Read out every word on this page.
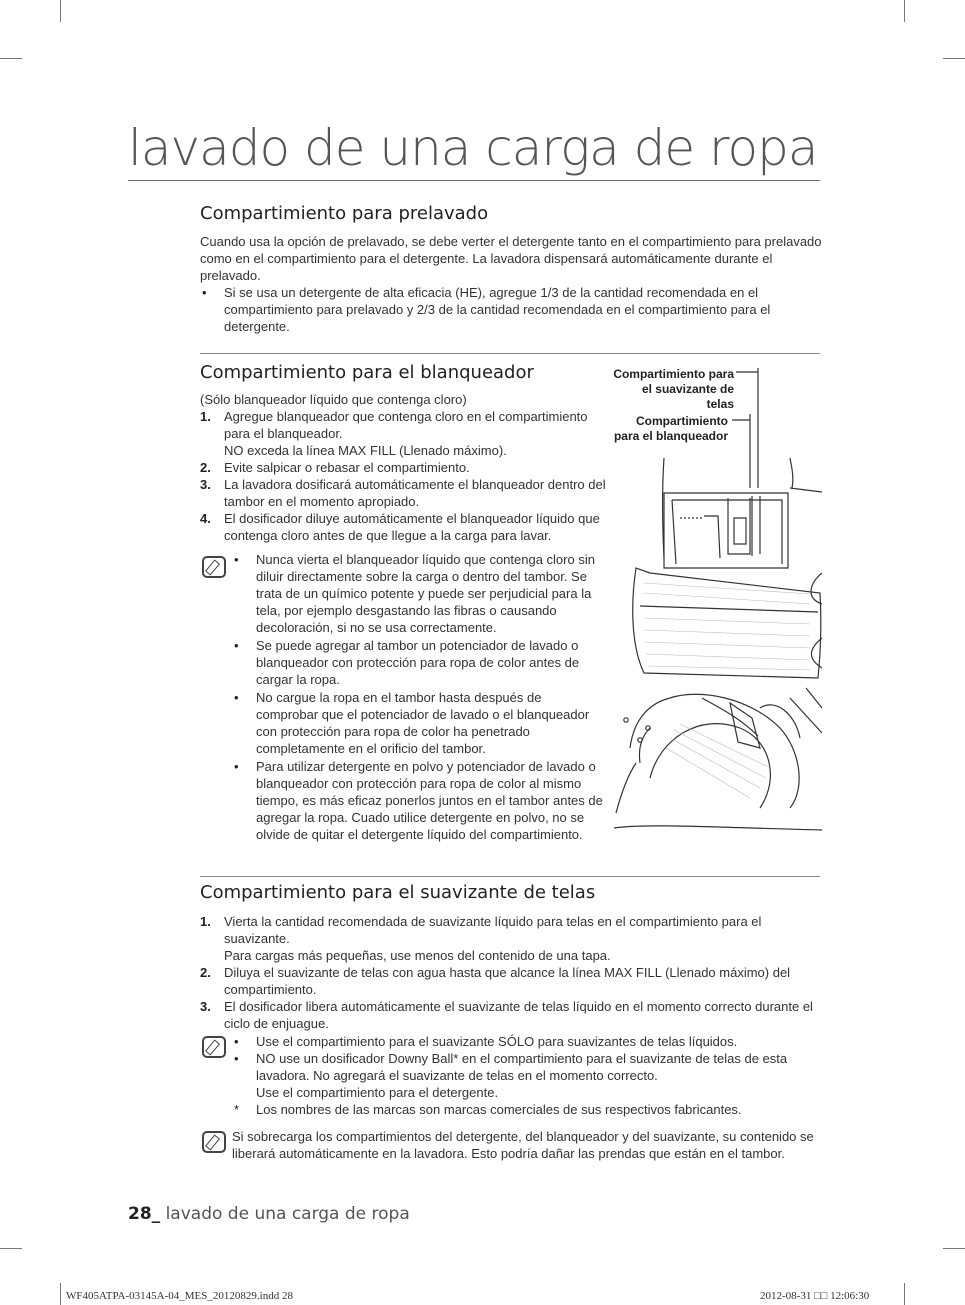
lavado de una carga de ropa
Compartimiento para prelavado

Cuando usa la opción de prelavado, se debe verter el detergente tanto en el compartimiento para prelavado como en el compartimiento para el detergente. La lavadora dispensará automáticamente durante el prelavado.

• Si se usa un detergente de alta eficacia (HE), agregue 1/3 de la cantidad recomendada en el compartimiento para prelavado y 2/3 de la cantidad recomendada en el compartimiento para el detergente.
Compartimiento para el blanqueador

(Sólo blanqueador líquido que contenga cloro)

1. Agregue blanqueador que contenga cloro en el compartimiento para el blanqueador.
NO exceda la línea MAX FILL (Llenado máximo).
2. Evite salpicar o rebasar el compartimiento.
3. La lavadora dosificará automáticamente el blanqueador dentro del tambor en el momento apropiado.
4. El dosificador diluye automáticamente el blanqueador líquido que contenga cloro antes de que llegue a la carga para lavar.
• Nunca vierta el blanqueador líquido que contenga cloro sin diluir directamente sobre la carga o dentro del tambor. Se trata de un químico potente y puede ser perjudicial para la tela, por ejemplo desgastando las fibras o causando decoloración, si no se usa correctamente.
• Se puede agregar al tambor un potenciador de lavado o blanqueador con protección para ropa de color antes de cargar la ropa.
• No cargue la ropa en el tambor hasta después de comprobar que el potenciador de lavado o el blanqueador con protección para ropa de color ha penetrado completamente en el orificio del tambor.
• Para utilizar detergente en polvo y potenciador de lavado o blanqueador con protección para ropa de color al mismo tiempo, es más eficaz ponerlos juntos en el tambor antes de agregar la ropa. Cuado utilice detergente en polvo, no se olvide de quitar el detergente líquido del compartimiento.
Compartimiento para el suavizante de telas
Compartimiento para el blanqueador
Compartimiento para el suavizante de telas
1. Vierta la cantidad recomendada de suavizante líquido para telas en el compartimiento para el suavizante.
Para cargas más pequeñas, use menos del contenido de una tapa.
2. Diluya el suavizante de telas con agua hasta que alcance la línea MAX FILL (Llenado máximo) del compartimiento.
3. El dosificador libera automáticamente el suavizante de telas líquido en el momento correcto durante el ciclo de enjuague.
• Use el compartimiento para el suavizante SÓLO para suavizantes de telas líquidos.
• NO use un dosificador Downy Ball* en el compartimiento para el suavizante de telas de esta lavadora. No agregará el suavizante de telas en el momento correcto.
Use el compartimiento para el detergente.
* Los nombres de las marcas son marcas comerciales de sus respectivos fabricantes.

Si sobrecarga los compartimientos del detergente, del blanqueador y del suavizante, su contenido se liberará automáticamente en la lavadora. Esto podría dañar las prendas que están en el tambor.

28_ lavado de una carga de ropa
WF405ATPA-03145A-04_MES_20120829.indd 28	2012-08-31 □□ 12:06:30
